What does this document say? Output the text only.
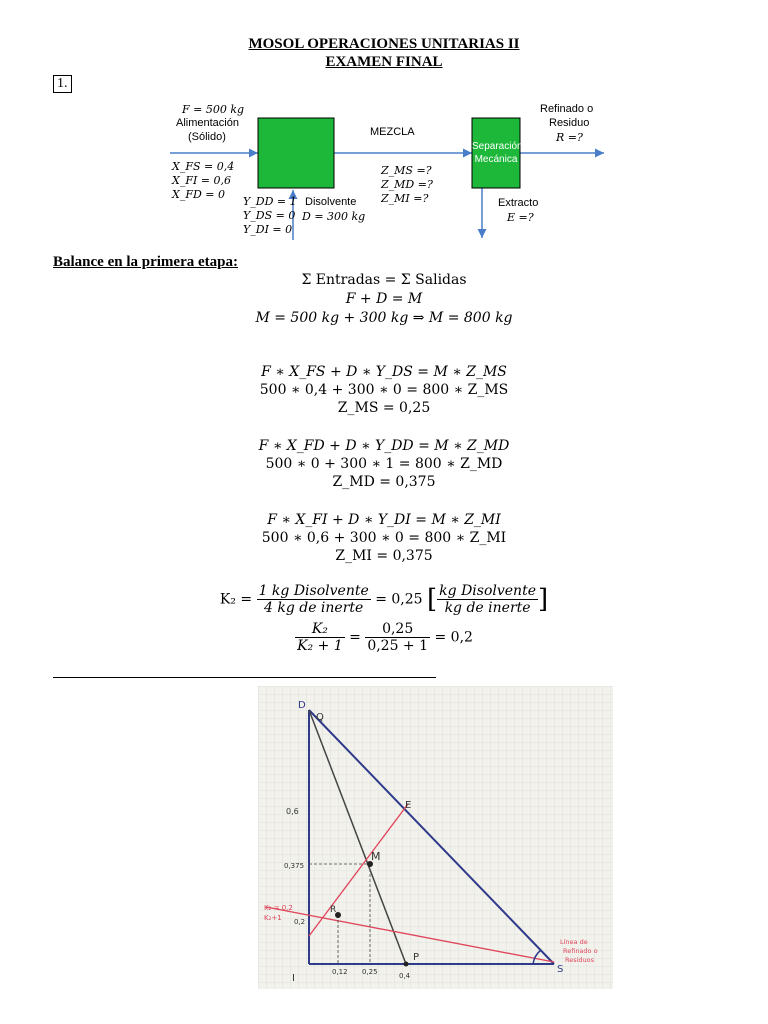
MOSOL OPERACIONES UNITARIAS II
EXAMEN FINAL
1.
F = 500 kg
Alimentación
(Sólido)
X_FS = 0,4
X_FI = 0,6
X_FD = 0
MEZCLA
Z_MS =?
Z_MD =?
Z_MI =?
Y_DD = 1
Y_DS = 0
Y_DI = 0
Disolvente
D = 300 kg
Separación
Mecánica
Refinado o
Residuo
R =?
Extracto
E =?
Balance en la primera etapa:
Σ Entradas = Σ Salidas
F + D = M
M = 500 kg + 300 kg ⇒ M = 800 kg
F ∗ X_FS + D ∗ Y_DS = M ∗ Z_MS
500 ∗ 0,4 + 300 ∗ 0 = 800 ∗ Z_MS
Z_MS = 0,25
F ∗ X_FD + D ∗ Y_DD = M ∗ Z_MD
500 ∗ 0 + 300 ∗ 1 = 800 ∗ Z_MD
Z_MD = 0,375
F ∗ X_FI + D ∗ Y_DI = M ∗ Z_MI
500 ∗ 0,6 + 300 ∗ 0 = 800 ∗ Z_MI
Z_MI = 0,375
$K_2 = \frac{\text{1 kg Disolvente}}{\text{4 kg de inerte}} = 0,25$ [ $\frac{\text{kg Disolvente}}{\text{kg de inerte}}$ ]
$\frac{\text{K₂}}{\text{K₂ + 1}} = \frac{0,25}{0,25 + 1} = 0,2$
D
Q
E
M
R
I
S
P
0,6
0,375
0,2
K₂ = 0,2
K₂+1
0,12 0,25	0,4
Línea de
Refinado o
Residuos
